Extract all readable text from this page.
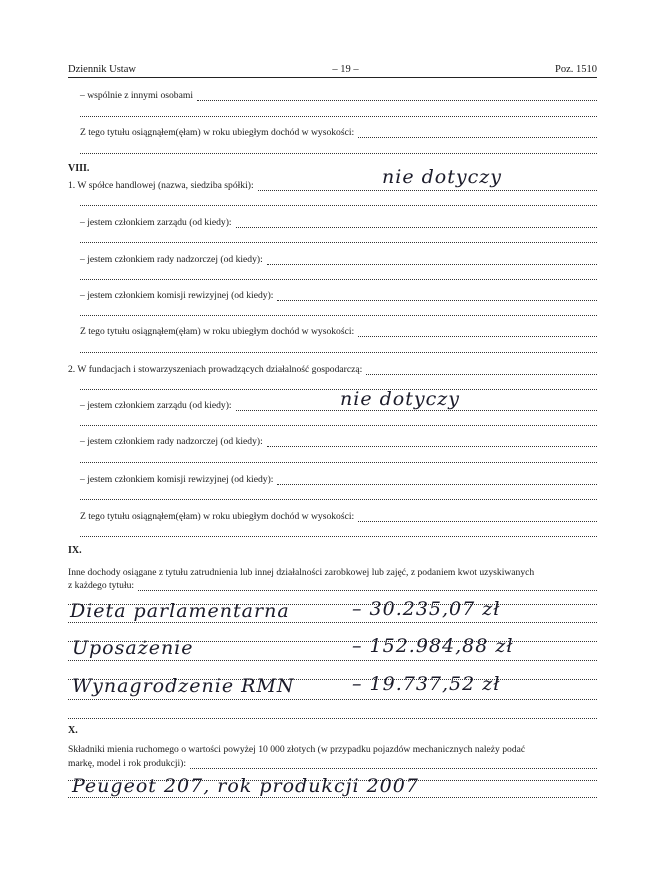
Dziennik Ustaw	– 19 –	Poz. 1510
– wspólnie z innymi osobami
Z tego tytułu osiągnąłem(ęłam) w roku ubiegłym dochód w wysokości:
VIII.
1. W spółce handlowej (nazwa, siedziba spółki):	nie dotyczy
– jestem członkiem zarządu (od kiedy):
– jestem członkiem rady nadzorczej (od kiedy):
– jestem członkiem komisji rewizyjnej (od kiedy):
Z tego tytułu osiągnąłem(ęłam) w roku ubiegłym dochód w wysokości:
2. W fundacjach i stowarzyszeniach prowadzących działalność gospodarczą:
– jestem członkiem zarządu (od kiedy):	nie dotyczy
– jestem członkiem rady nadzorczej (od kiedy):
– jestem członkiem komisji rewizyjnej (od kiedy):
Z tego tytułu osiągnąłem(ęłam) w roku ubiegłym dochód w wysokości:
IX.
Inne dochody osiągane z tytułu zatrudnienia lub innej działalności zarobkowej lub zajęć, z podaniem kwot uzyskiwanych
z każdego tytułu:
Dieta parlamentarna	– 30.235,07 zł
Uposażenie	– 152.984,88 zł
Wynagrodzenie RMN	– 19.737,52 zł
X.
Składniki mienia ruchomego o wartości powyżej 10 000 złotych (w przypadku pojazdów mechanicznych należy podać
markę, model i rok produkcji):
Peugeot 207, rok produkcji 2007
